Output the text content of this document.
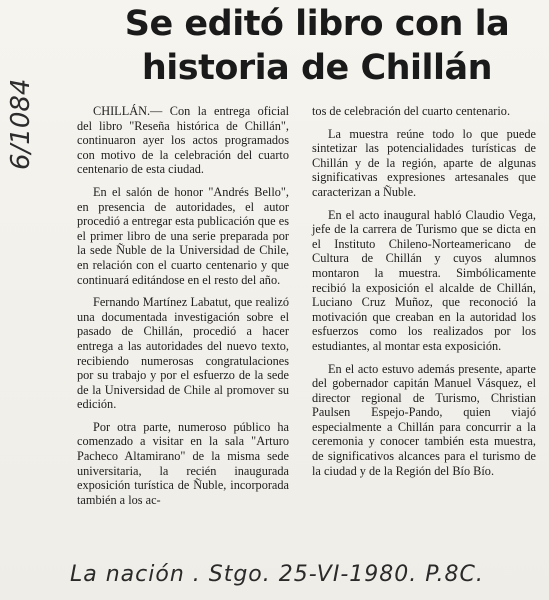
Se editó libro con la
historia de Chillán
6/1084	CHILLÁN.— Con la entrega oficial del libro "Reseña histórica de Chillán", continuaron ayer los actos programados con motivo de la celebración del cuarto centenario de esta ciudad.

En el salón de honor "Andrés Bello", en presencia de autoridades, el autor procedió a entregar esta publicación que es el primer libro de una serie preparada por la sede Ñuble de la Universidad de Chile, en relación con el cuarto centenario y que continuará editándose en el resto del año.

Fernando Martínez Labatut, que realizó una documentada investigación sobre el pasado de Chillán, procedió a hacer entrega a las autoridades del nuevo texto, recibiendo numerosas congratulaciones por su trabajo y por el esfuerzo de la sede de la Universidad de Chile al promover su edición.

Por otra parte, numeroso público ha comenzado a visitar en la sala "Arturo Pacheco Altamirano" de la misma sede universitaria, la recién inaugurada exposición turística de Ñuble, incorporada también a los ac-

tos de celebración del cuarto centenario.

La muestra reúne todo lo que puede sintetizar las potencialidades turísticas de Chillán y de la región, aparte de algunas significativas expresiones artesanales que caracterizan a Ñuble.

En el acto inaugural habló Claudio Vega, jefe de la carrera de Turismo que se dicta en el Instituto Chileno-Norteamericano de Cultura de Chillán y cuyos alumnos montaron la muestra. Simbólicamente recibió la exposición el alcalde de Chillán, Luciano Cruz Muñoz, que reconoció la motivación que creaban en la autoridad los esfuerzos como los realizados por los estudiantes, al montar esta exposición.

En el acto estuvo además presente, aparte del gobernador capitán Manuel Vásquez, el director regional de Turismo, Christian Paulsen Espejo-Pando, quien viajó especialmente a Chillán para concurrir a la ceremonia y conocer también esta muestra, de significativos alcances para el turismo de la ciudad y de la Región del Bío Bío.

La nación . Stgo. 25-VI-1980. P.8C.
